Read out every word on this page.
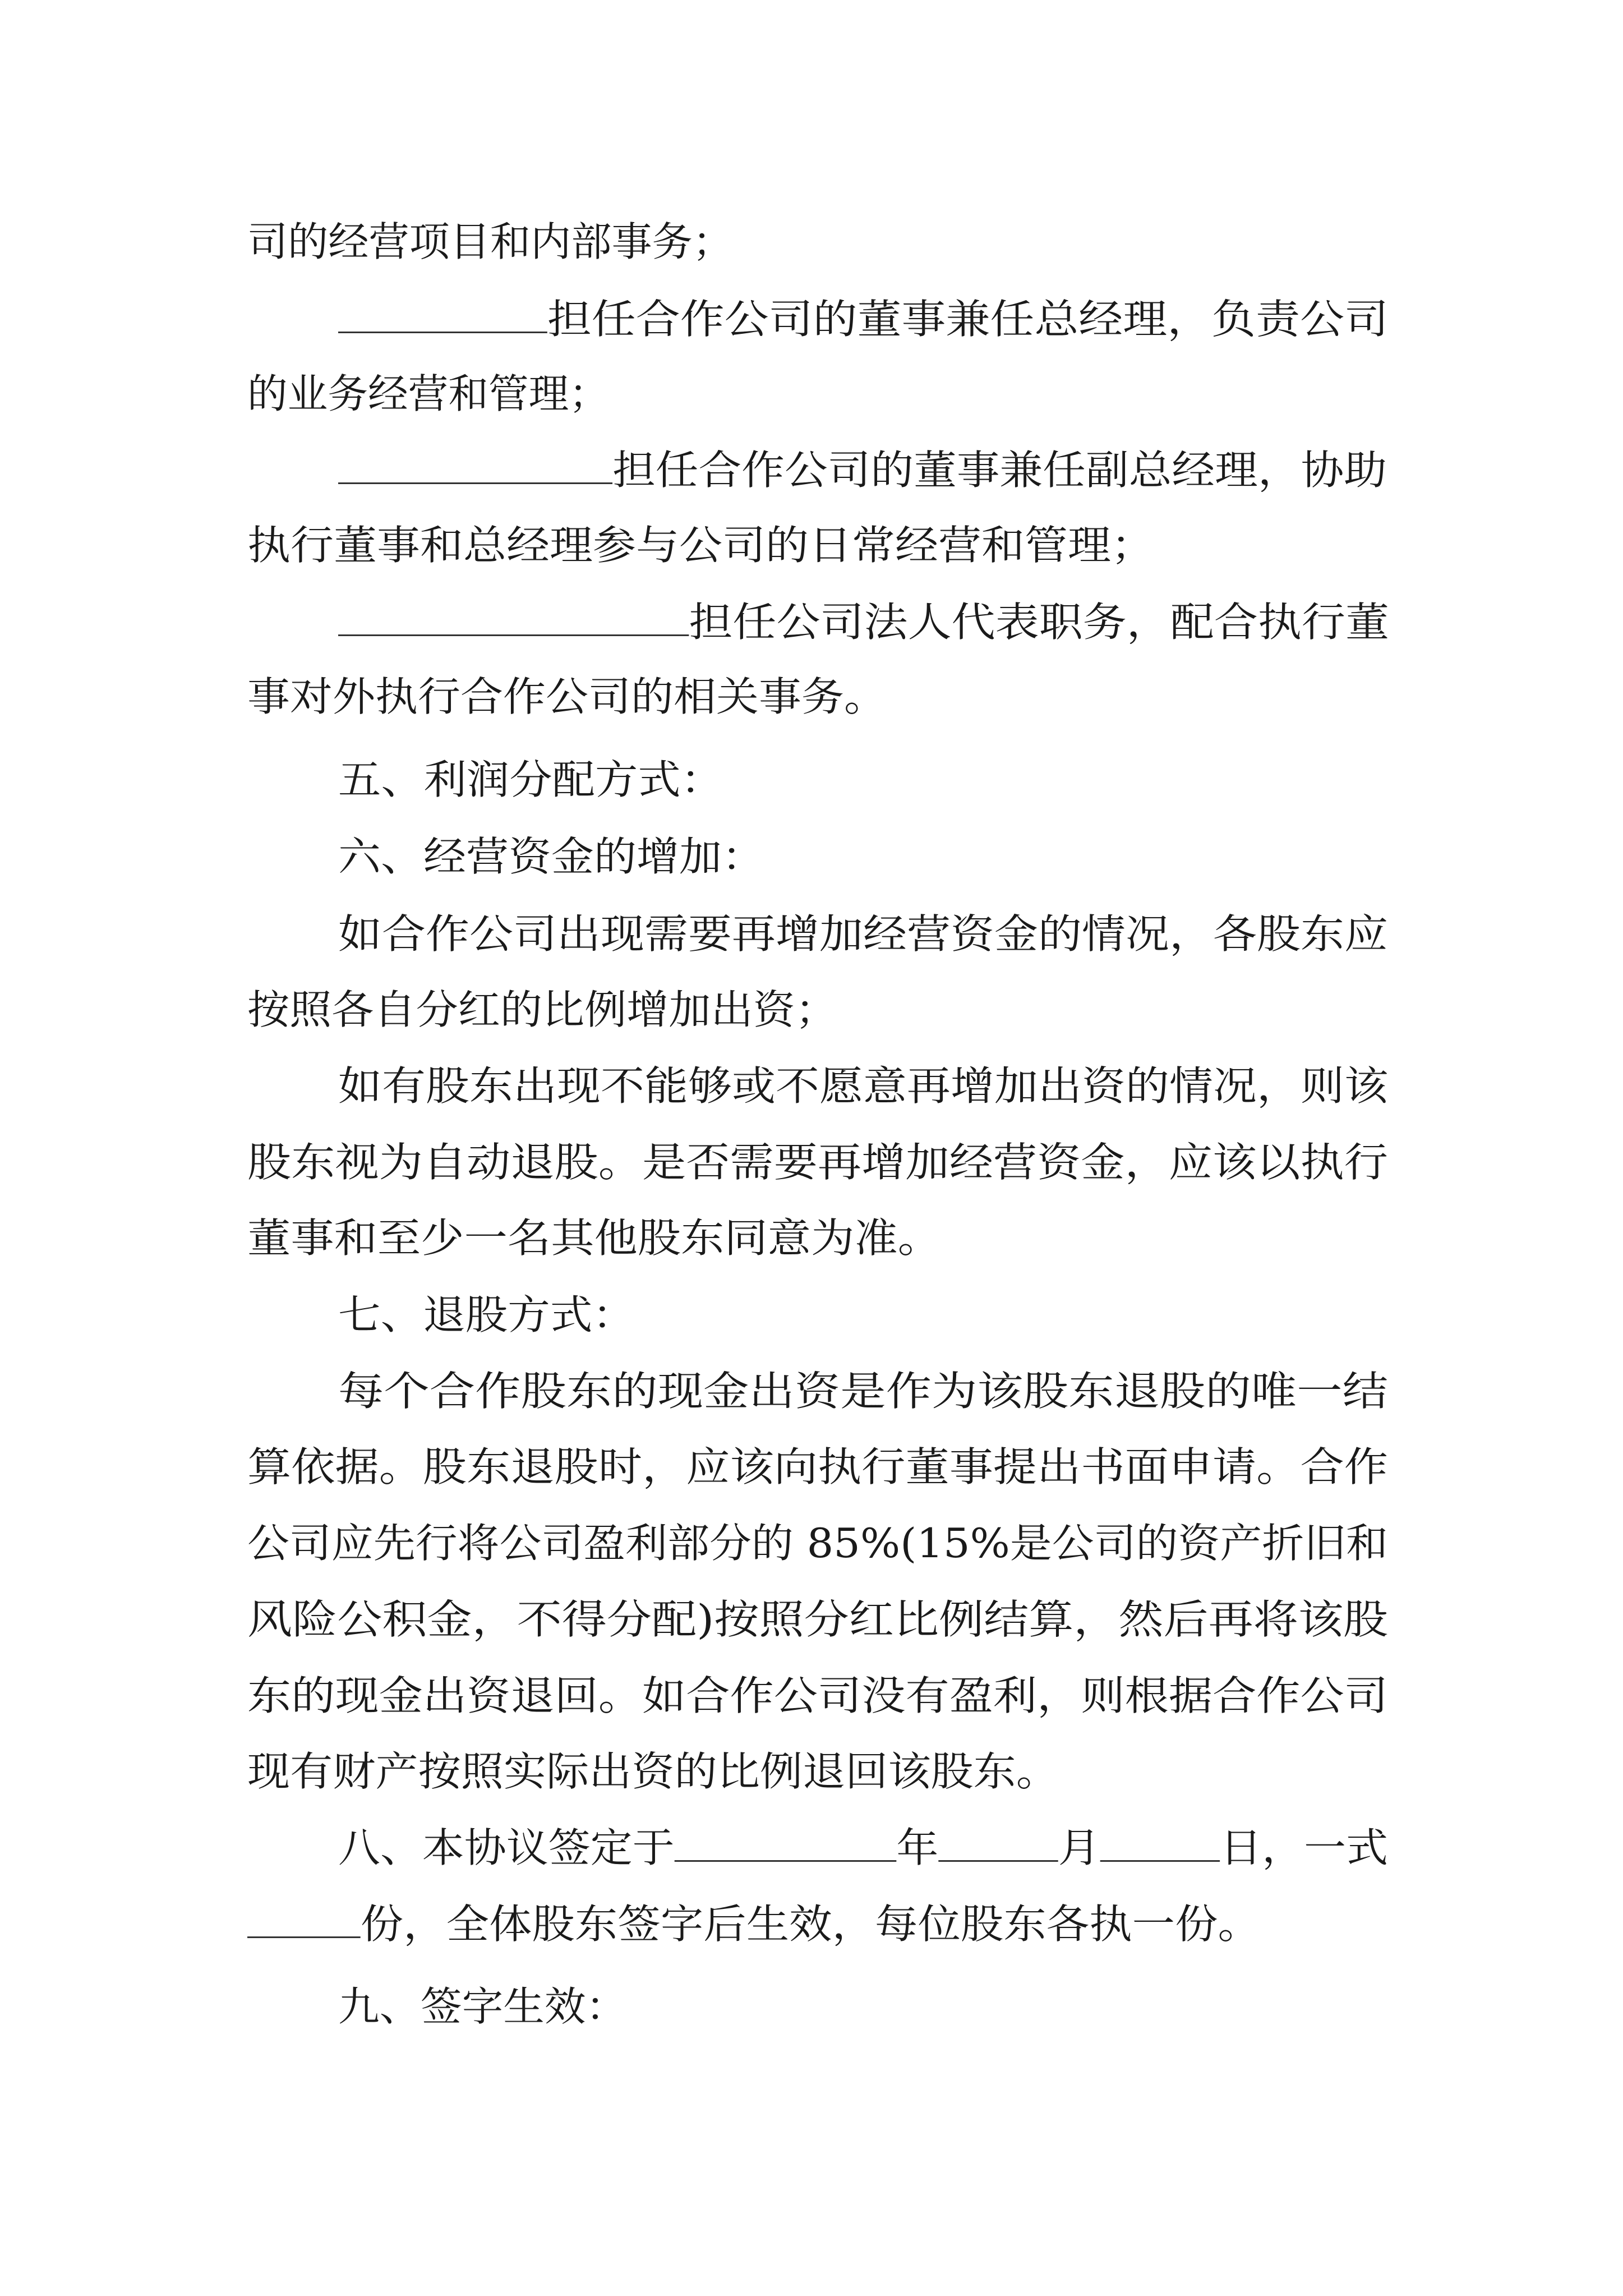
司的经营项目和内部事务；
担任合作公司的董事兼任总经理，负责公司
的业务经营和管理；
担任合作公司的董事兼任副总经理，协助
执行董事和总经理参与公司的日常经营和管理；
担任公司法人代表职务，配合执行董
事对外执行合作公司的相关事务。
五、利润分配方式：
六、经营资金的增加：
如合作公司出现需要再增加经营资金的情况，各股东应
按照各自分红的比例增加出资；
如有股东出现不能够或不愿意再增加出资的情况，则该
股东视为自动退股。是否需要再增加经营资金，应该以执行
董事和至少一名其他股东同意为准。
七、退股方式：
每个合作股东的现金出资是作为该股东退股的唯一结
算依据。股东退股时，应该向执行董事提出书面申请。合作
公司应先行将公司盈利部分的 85%(15%是公司的资产折旧和
风险公积金，不得分配)按照分红比例结算，然后再将该股
东的现金出资退回。如合作公司没有盈利，则根据合作公司
现有财产按照实际出资的比例退回该股东。
八、本协议签定于	年	月	日，一式
份，全体股东签字后生效，每位股东各执一份。
九、签字生效：
